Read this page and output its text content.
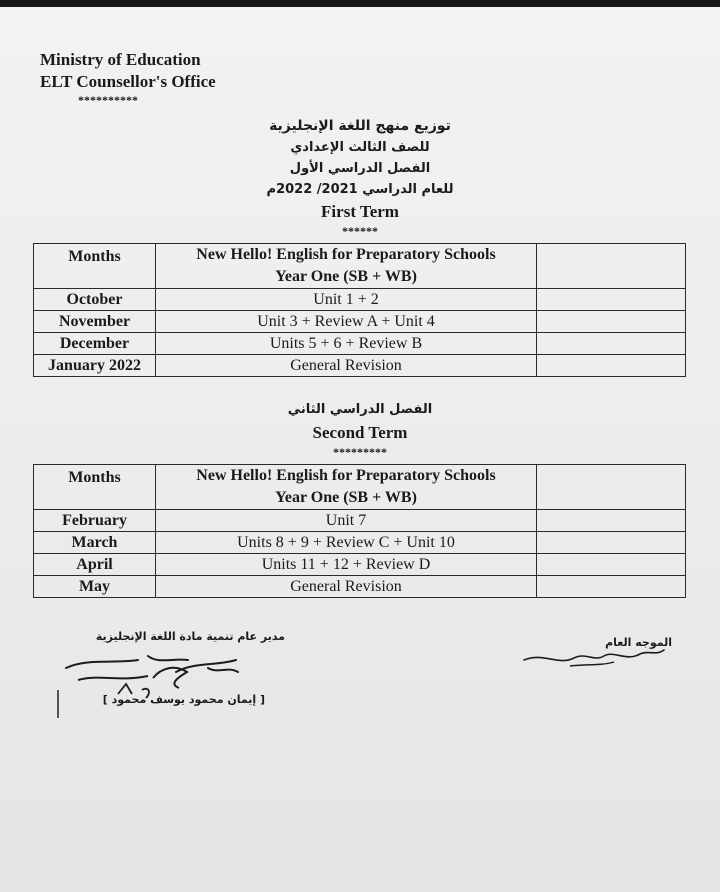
Ministry of Education
ELT Counsellor's Office
**********
توزيع منهج اللغة الإنجليزية
للصف الثالث الإعدادي
الفصل الدراسي الأول
للعام الدراسي 2021/ 2022م
First Term
******
Months	New Hello! English for Preparatory Schools
Year One (SB + WB)	

October	Unit 1 + 2	
November	Unit 3 + Review A + Unit 4	
December	Units 5 + 6 + Review B	
January 2022	General Revision	
الفصل الدراسي الثاني
Second Term
*********
Months	New Hello! English for Preparatory Schools
Year One (SB + WB)	

February	Unit 7	
March	Units 8 + 9 + Review C + Unit 10	
April	Units 11 + 12 + Review D	
May	General Revision	
مدير عام تنمية مادة اللغة الإنجليزية
[ إيمان محمود يوسف محمود ]
الموجه العام
